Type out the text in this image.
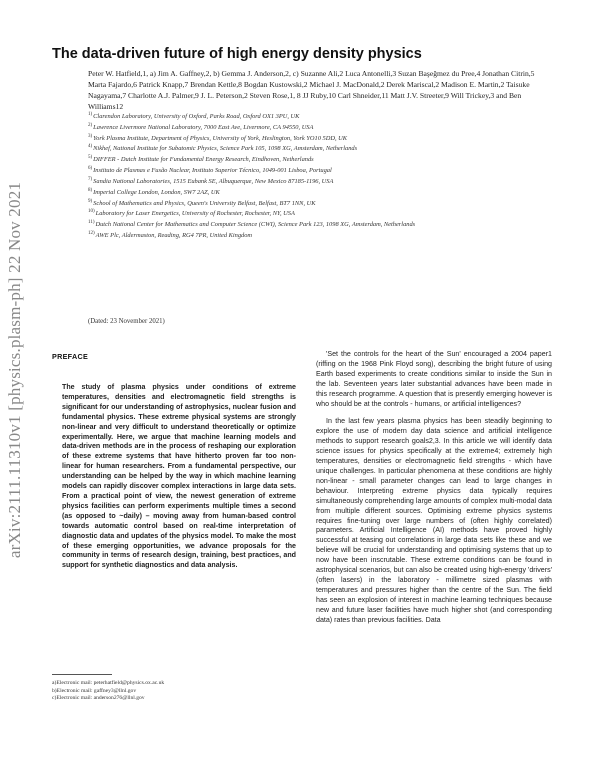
arXiv:2111.11310v1 [physics.plasm-ph] 22 Nov 2021
The data-driven future of high energy density physics
Peter W. Hatfield,1, a) Jim A. Gaffney,2, b) Gemma J. Anderson,2, c) Suzanne Ali,2 Luca Antonelli,3 Suzan Başeğmez du Pree,4 Jonathan Citrin,5 Marta Fajardo,6 Patrick Knapp,7 Brendan Kettle,8 Bogdan Kustowski,2 Michael J. MacDonald,2 Derek Mariscal,2 Madison E. Martin,2 Taisuke Nagayama,7 Charlotte A.J. Palmer,9 J. L. Peterson,2 Steven Rose,1, 8 JJ Ruby,10 Carl Shneider,11 Matt J.V. Streeter,9 Will Trickey,3 and Ben Williams12
$^{1)}$Clarendon Laboratory, University of Oxford, Parks Road, Oxford OX1 3PU, UK
$^{2)}$Lawrence Livermore National Laboratory, 7000 East Ave, Livermore, CA 94550, USA
$^{3)}$York Plasma Institute, Department of Physics, University of York, Heslington, York YO10 5DD, UK
$^{4)}$Nikhef, National Institute for Subatomic Physics, Science Park 105, 1098 XG, Amsterdam, Netherlands
$^{5)}$DIFFER - Dutch Institute for Fundamental Energy Research, Eindhoven, Netherlands
$^{6)}$Instituto de Plasmas e Fusão Nuclear, Instituto Superior Técnico, 1049-001 Lisboa, Portugal
$^{7)}$Sandia National Laboratories, 1515 Eubank SE, Albuquerque, New Mexico 87185-1196, USA
$^{8)}$Imperial College London, London, SW7 2AZ, UK
$^{9)}$School of Mathematics and Physics, Queen's University Belfast, Belfast, BT7 1NN, UK
$^{10)}$Laboratory for Laser Energetics, University of Rochester, Rochester, NY, USA
$^{11)}$Dutch National Center for Mathematics and Computer Science (CWI), Science Park 123, 1098 XG, Amsterdam, Netherlands
$^{12)}$AWE Plc, Aldermaston, Reading, RG4 7PR, United Kingdom
(Dated: 23 November 2021)
PREFACE

The study of plasma physics under conditions of extreme temperatures, densities and electromagnetic field strengths is significant for our understanding of astrophysics, nuclear fusion and fundamental physics. These extreme physical systems are strongly non-linear and very difficult to understand theoretically or optimize experimentally. Here, we argue that machine learning models and data-driven methods are in the process of reshaping our exploration of these extreme systems that have hitherto proven far too non-linear for human researchers. From a fundamental perspective, our understanding can be helped by the way in which machine learning models can rapidly discover complex interactions in large data sets. From a practical point of view, the newest generation of extreme physics facilities can perform experiments multiple times a second (as opposed to ~daily) – moving away from human-based control towards automatic control based on real-time interpretation of diagnostic data and updates of the physics model. To make the most of these emerging opportunities, we advance proposals for the community in terms of research design, training, best practices, and support for synthetic diagnostics and data analysis.

'Set the controls for the heart of the Sun' encouraged a 2004 paper1 (riffing on the 1968 Pink Floyd song), describing the bright future of using Earth based experiments to create conditions similar to inside the Sun in the lab. Seventeen years later substantial advances have been made in this research programme. A question that is presently emerging however is who should be at the controls - humans, or artificial intelligences?

In the last few years plasma physics has been steadily beginning to explore the use of modern day data science and artificial intelligence methods to support research goals2,3. In this article we will identify data science issues for physics specifically at the extreme4; extremely high temperatures, densities or electromagnetic field strengths - which have unique challenges. In particular phenomena at these conditions are highly non-linear - small parameter changes can lead to large changes in behaviour. Interpreting extreme physics data typically requires simultaneously comprehending large amounts of complex multi-modal data from multiple different sources. Optimising extreme physics systems requires fine-tuning over large numbers of (often highly correlated) parameters. Artificial Intelligence (AI) methods have proved highly successful at teasing out correlations in large data sets like these and we believe will be crucial for understanding and optimising systems that up to now have been inscrutable. These extreme conditions can be found in astrophysical scenarios, but can also be created using high-energy 'drivers' (often lasers) in the laboratory - millimetre sized plasmas with temperatures and pressures higher than the centre of the Sun. The field has seen an explosion of interest in machine learning techniques because new and future laser facilities have much higher shot (and corresponding data) rates than previous facilities. Data

a)Electronic mail: peterhatfield@physics.ox.ac.uk
b)Electronic mail: gaffney3@llnl.gov
c)Electronic mail: anderson276@llnl.gov
